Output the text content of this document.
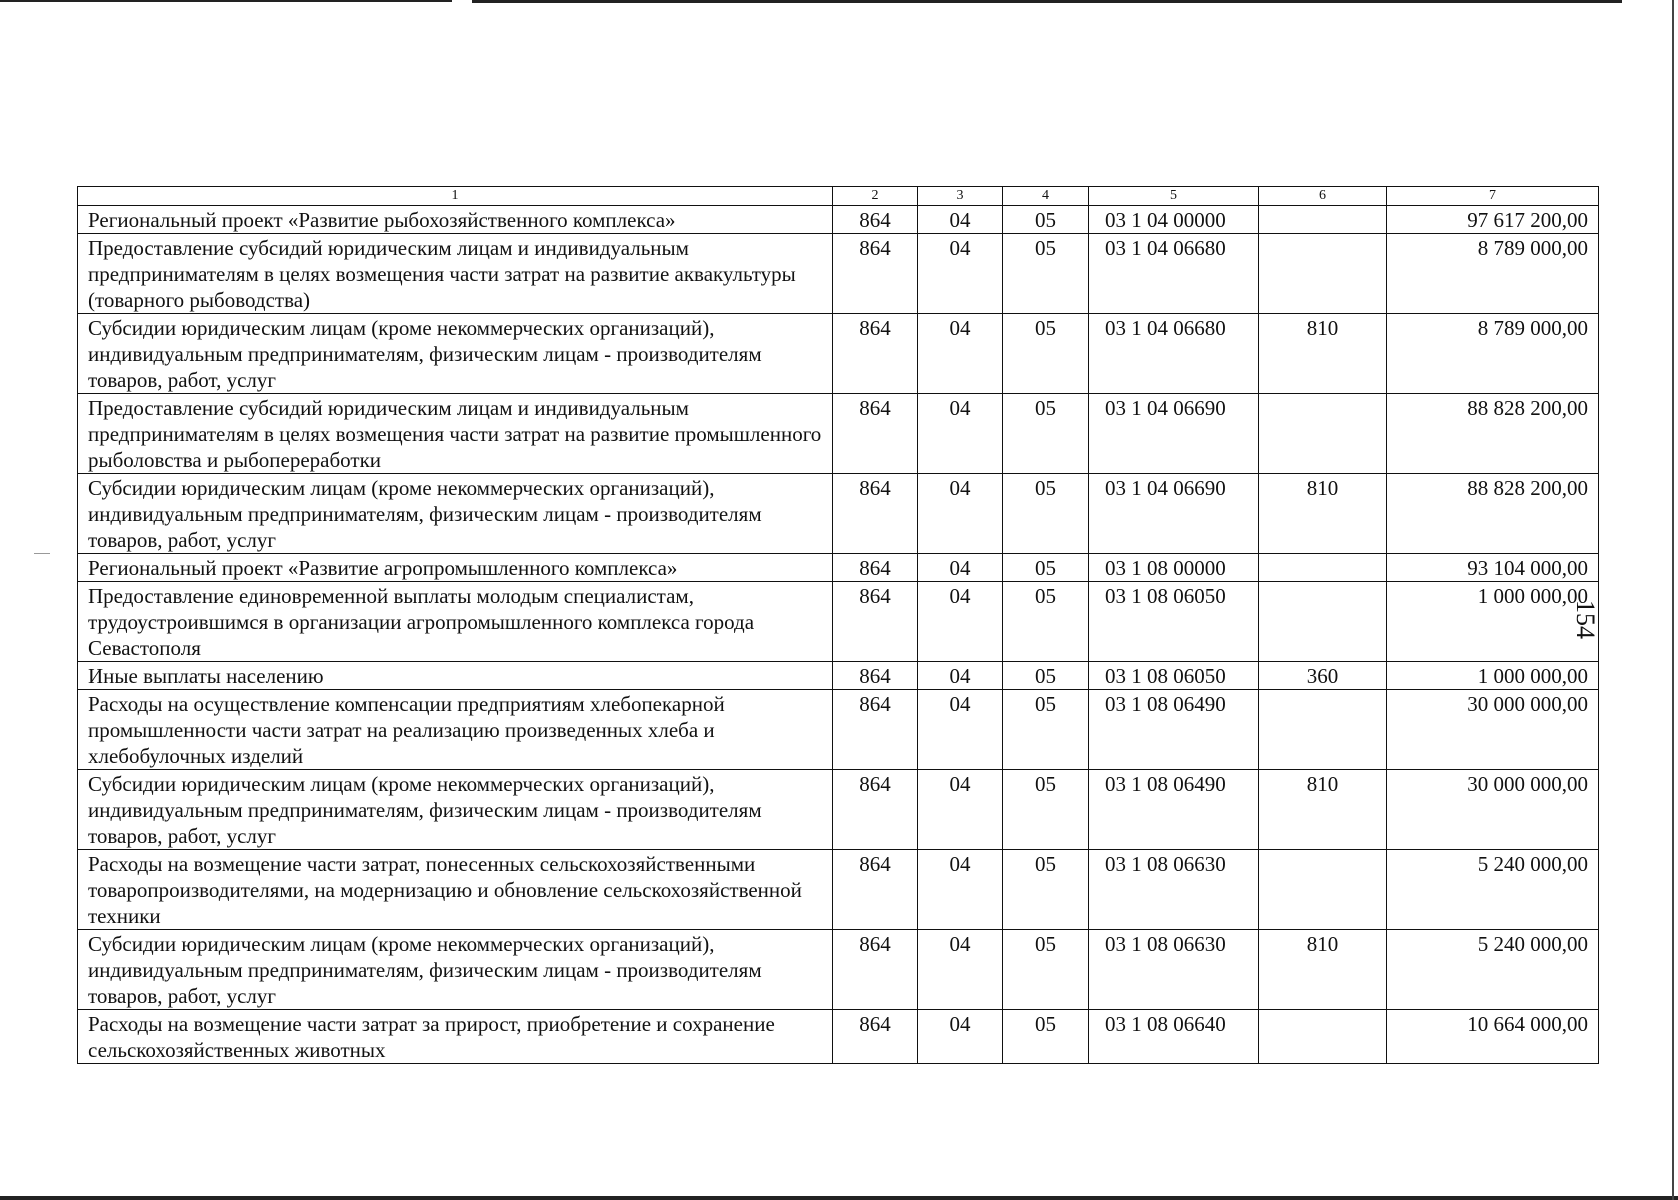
154
1	2	3	4	5	6	7
Региональный проект «Развитие рыбохозяйственного комплекса»	864	04	05	03 1 04 00000		97 617 200,00
Предоставление субсидий юридическим лицам и индивидуальным предпринимателям в целях возмещения части затрат на развитие аквакультуры (товарного рыбоводства)	864	04	05	03 1 04 06680		8 789 000,00
Субсидии юридическим лицам (кроме некоммерческих организаций), индивидуальным предпринимателям, физическим лицам - производителям товаров, работ, услуг	864	04	05	03 1 04 06680	810	8 789 000,00
Предоставление субсидий юридическим лицам и индивидуальным предпринимателям в целях возмещения части затрат на развитие промышленного рыболовства и рыбопереработки	864	04	05	03 1 04 06690		88 828 200,00
Субсидии юридическим лицам (кроме некоммерческих организаций), индивидуальным предпринимателям, физическим лицам - производителям товаров, работ, услуг	864	04	05	03 1 04 06690	810	88 828 200,00
Региональный проект «Развитие агропромышленного комплекса»	864	04	05	03 1 08 00000		93 104 000,00
Предоставление единовременной выплаты молодым специалистам, трудоустроившимся в организации агропромышленного комплекса города Севастополя	864	04	05	03 1 08 06050		1 000 000,00
Иные выплаты населению	864	04	05	03 1 08 06050	360	1 000 000,00
Расходы на осуществление компенсации предприятиям хлебопекарной промышленности части затрат на реализацию произведенных хлеба и хлебобулочных изделий	864	04	05	03 1 08 06490		30 000 000,00
Субсидии юридическим лицам (кроме некоммерческих организаций), индивидуальным предпринимателям, физическим лицам - производителям товаров, работ, услуг	864	04	05	03 1 08 06490	810	30 000 000,00
Расходы на возмещение части затрат, понесенных сельскохозяйственными товаропроизводителями, на модернизацию и обновление сельскохозяйственной техники	864	04	05	03 1 08 06630		5 240 000,00
Субсидии юридическим лицам (кроме некоммерческих организаций), индивидуальным предпринимателям, физическим лицам - производителям товаров, работ, услуг	864	04	05	03 1 08 06630	810	5 240 000,00
Расходы на возмещение части затрат за прирост, приобретение и сохранение сельскохозяйственных животных	864	04	05	03 1 08 06640		10 664 000,00
